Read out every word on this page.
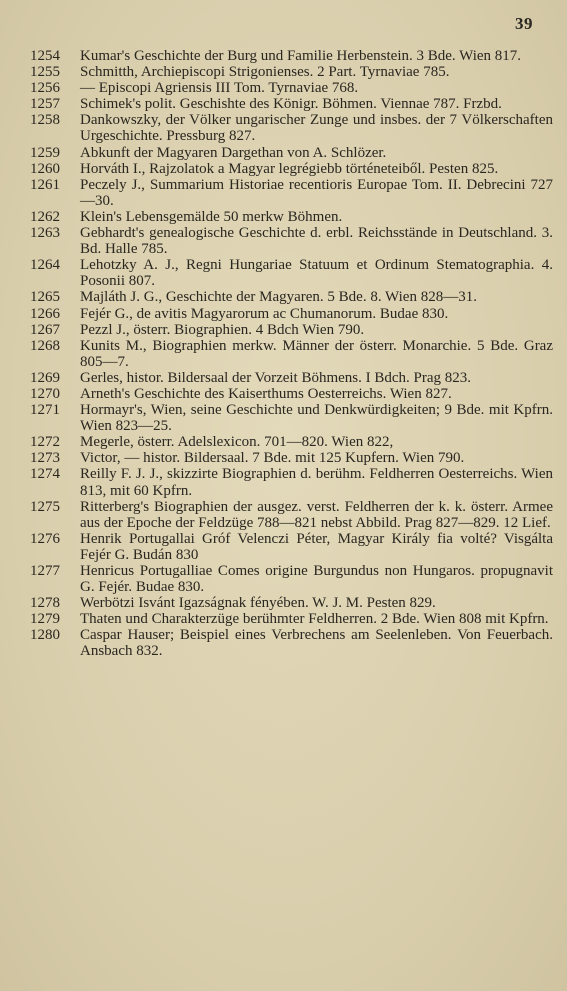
39
1254	Kumar's Geschichte der Burg und Familie Herbenstein. 3 Bde. Wien 817.
1255	Schmitth, Archiepiscopi Strigonienses. 2 Part. Tyrnaviae 785.
1256	— Episcopi Agriensis III Tom. Tyrnaviae 768.
1257	Schimek's polit. Geschishte des Königr. Böhmen. Viennae 787. Frzbd.
1258	Dankowszky, der Völker ungarischer Zunge und insbes. der 7 Völkerschaften Urgeschichte. Pressburg 827.
1259	Abkunft der Magyaren Dargethan von A. Schlözer.
1260	Horváth I., Rajzolatok a Magyar legrégiebb történeteiből. Pesten 825.
1261	Peczely J., Summarium Historiae recentioris Europae Tom. II. Debrecini 727—30.
1262	Klein's Lebensgemälde 50 merkw Böhmen.
1263	Gebhardt's genealogische Geschichte d. erbl. Reichsstände in Deutschland. 3. Bd. Halle 785.
1264	Lehotzky A. J., Regni Hungariae Statuum et Ordinum Stematographia. 4. Posonii 807.
1265	Majláth J. G., Geschichte der Magyaren. 5 Bde. 8. Wien 828—31.
1266	Fejér G., de avitis Magyarorum ac Chumanorum. Budae 830.
1267	Pezzl J., österr. Biographien. 4 Bdch Wien 790.
1268	Kunits M., Biographien merkw. Männer der österr. Monarchie. 5 Bde. Graz 805—7.
1269	Gerles, histor. Bildersaal der Vorzeit Böhmens. I Bdch. Prag 823.
1270	Arneth's Geschichte des Kaiserthums Oesterreichs. Wien 827.
1271	Hormayr's, Wien, seine Geschichte und Denkwürdigkeiten; 9 Bde. mit Kpfrn. Wien 823—25.
1272	Megerle, österr. Adelslexicon. 701—820. Wien 822,
1273	Victor, — histor. Bildersaal. 7 Bde. mit 125 Kupfern. Wien 790.
1274	Reilly F. J. J., skizzirte Biographien d. berühm. Feldherren Oesterreichs. Wien 813, mit 60 Kpfrn.
1275	Ritterberg's Biographien der ausgez. verst. Feldherren der k. k. österr. Armee aus der Epoche der Feldzüge 788—821 nebst Abbild. Prag 827—829. 12 Lief.
1276	Henrik Portugallai Gróf Velenczi Péter, Magyar Király fia volté? Visgálta Fejér G. Budán 830
1277	Henricus Portugalliae Comes origine Burgundus non Hungaros. propugnavit G. Fejér. Budae 830.
1278	Werbötzi Isvánt Igazságnak fényében. W. J. M. Pesten 829.
1279	Thaten und Charakterzüge berühmter Feldherren. 2 Bde. Wien 808 mit Kpfrn.
1280	Caspar Hauser; Beispiel eines Verbrechens am Seelenleben. Von Feuerbach. Ansbach 832.
